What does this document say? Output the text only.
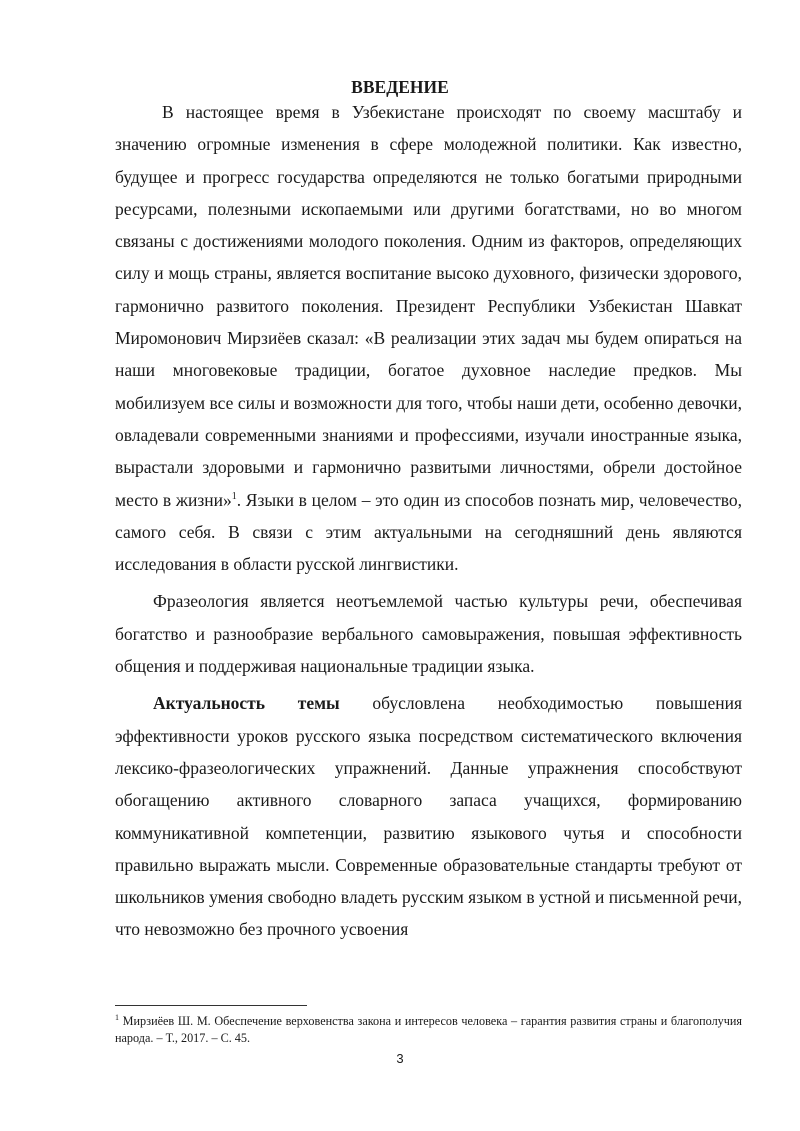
ВВЕДЕНИЕ

В настоящее время в Узбекистане происходят по своему масштабу и значению огромные изменения в сфере молодежной политики. Как известно, будущее и прогресс государства определяются не только богатыми природными ресурсами, полезными ископаемыми или другими богатствами, но во многом связаны с достижениями молодого поколения. Одним из факторов, определяющих силу и мощь страны, является воспитание высоко духовного, физически здорового, гармонично развитого поколения. Президент Республики Узбекистан Шавкат Миромонович Мирзиёев сказал: «В реализации этих задач мы будем опираться на наши многовековые традиции, богатое духовное наследие предков. Мы мобилизуем все силы и возможности для того, чтобы наши дети, особенно девочки, овладевали современными знаниями и профессиями, изучали иностранные языка, вырастали здоровыми и гармонично развитыми личностями, обрели достойное место в жизни»$^1$. Языки в целом – это один из способов познать мир, человечество, самого себя. В связи с этим актуальными на сегодняшний день являются исследования в области русской лингвистики.

Фразеология является неотъемлемой частью культуры речи, обеспечивая богатство и разнообразие вербального самовыражения, повышая эффективность общения и поддерживая национальные традиции языка.

Актуальность темы обусловлена необходимостью повышения эффективности уроков русского языка посредством систематического включения лексико-фразеологических упражнений. Данные упражнения способствуют обогащению активного словарного запаса учащихся, формированию коммуникативной компетенции, развитию языкового чутья и способности правильно выражать мысли. Современные образовательные стандарты требуют от школьников умения свободно владеть русским языком в устной и письменной речи, что невозможно без прочного усвоения

$^1$ Мирзиёев Ш. М. Обеспечение верховенства закона и интересов человека – гарантия развития страны и благополучия народа. – Т., 2017. – С. 45.
3
